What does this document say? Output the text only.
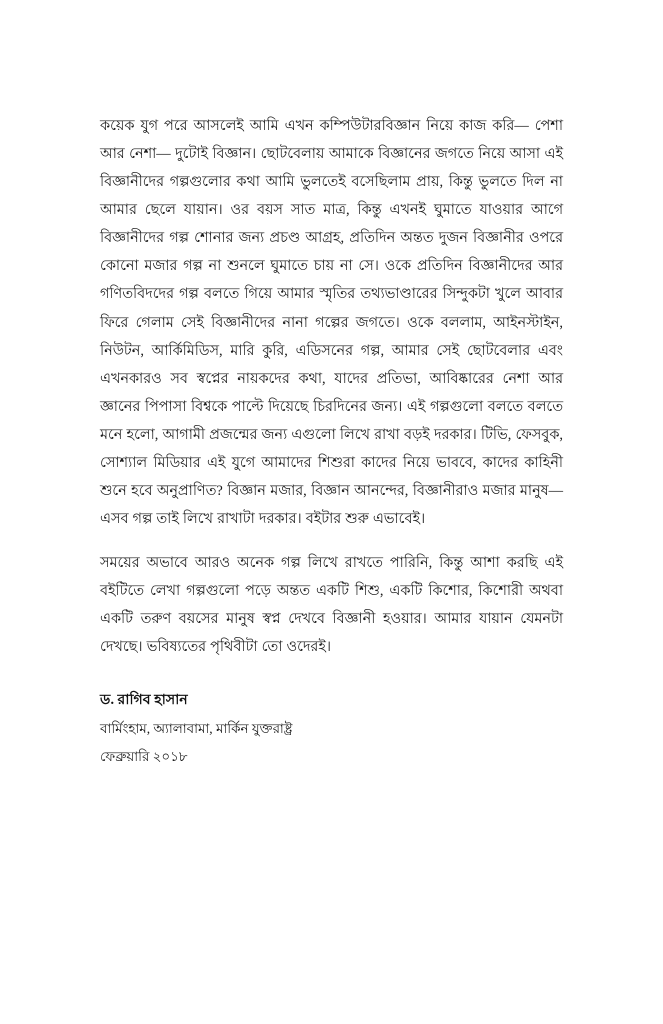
কয়েক যুগ পরে আসলেই আমি এখন কম্পিউটারবিজ্ঞান নিয়ে কাজ করি— পেশা আর নেশা— দুটোই বিজ্ঞান। ছোটবেলায় আমাকে বিজ্ঞানের জগতে নিয়ে আসা এই বিজ্ঞানীদের গল্পগুলোর কথা আমি ভুলতেই বসেছিলাম প্রায়, কিন্তু ভুলতে দিল না আমার ছেলে যায়ান। ওর বয়স সাত মাত্র, কিন্তু এখনই ঘুমাতে যাওয়ার আগে বিজ্ঞানীদের গল্প শোনার জন্য প্রচণ্ড আগ্রহ, প্রতিদিন অন্তত দুজন বিজ্ঞানীর ওপরে কোনো মজার গল্প না শুনলে ঘুমাতে চায় না সে। ওকে প্রতিদিন বিজ্ঞানীদের আর গণিতবিদদের গল্প বলতে গিয়ে আমার স্মৃতির তথ্যভাণ্ডারের সিন্দুকটা খুলে আবার ফিরে গেলাম সেই বিজ্ঞানীদের নানা গল্পের জগতে। ওকে বললাম, আইনস্টাইন, নিউটন, আর্কিমিডিস, মারি কুরি, এডিসনের গল্প, আমার সেই ছোটবেলার এবং এখনকারও সব স্বপ্নের নায়কদের কথা, যাদের প্রতিভা, আবিষ্কারের নেশা আর জ্ঞানের পিপাসা বিশ্বকে পাল্টে দিয়েছে চিরদিনের জন্য। এই গল্পগুলো বলতে বলতে মনে হলো, আগামী প্রজন্মের জন্য এগুলো লিখে রাখা বড়ই দরকার। টিভি, ফেসবুক, সোশ্যাল মিডিয়ার এই যুগে আমাদের শিশুরা কাদের নিয়ে ভাববে, কাদের কাহিনী শুনে হবে অনুপ্রাণিত? বিজ্ঞান মজার, বিজ্ঞান আনন্দের, বিজ্ঞানীরাও মজার মানুষ— এসব গল্প তাই লিখে রাখাটা দরকার। বইটার শুরু এভাবেই।

সময়ের অভাবে আরও অনেক গল্প লিখে রাখতে পারিনি, কিন্তু আশা করছি এই বইটিতে লেখা গল্পগুলো পড়ে অন্তত একটি শিশু, একটি কিশোর, কিশোরী অথবা একটি তরুণ বয়সের মানুষ স্বপ্ন দেখবে বিজ্ঞানী হওয়ার। আমার যায়ান যেমনটা দেখছে। ভবিষ্যতের পৃথিবীটা তো ওদেরই।

ড. রাগিব হাসান

বার্মিংহাম, অ্যালাবামা, মার্কিন যুক্তরাষ্ট্র

ফেব্রুয়ারি ২০১৮
